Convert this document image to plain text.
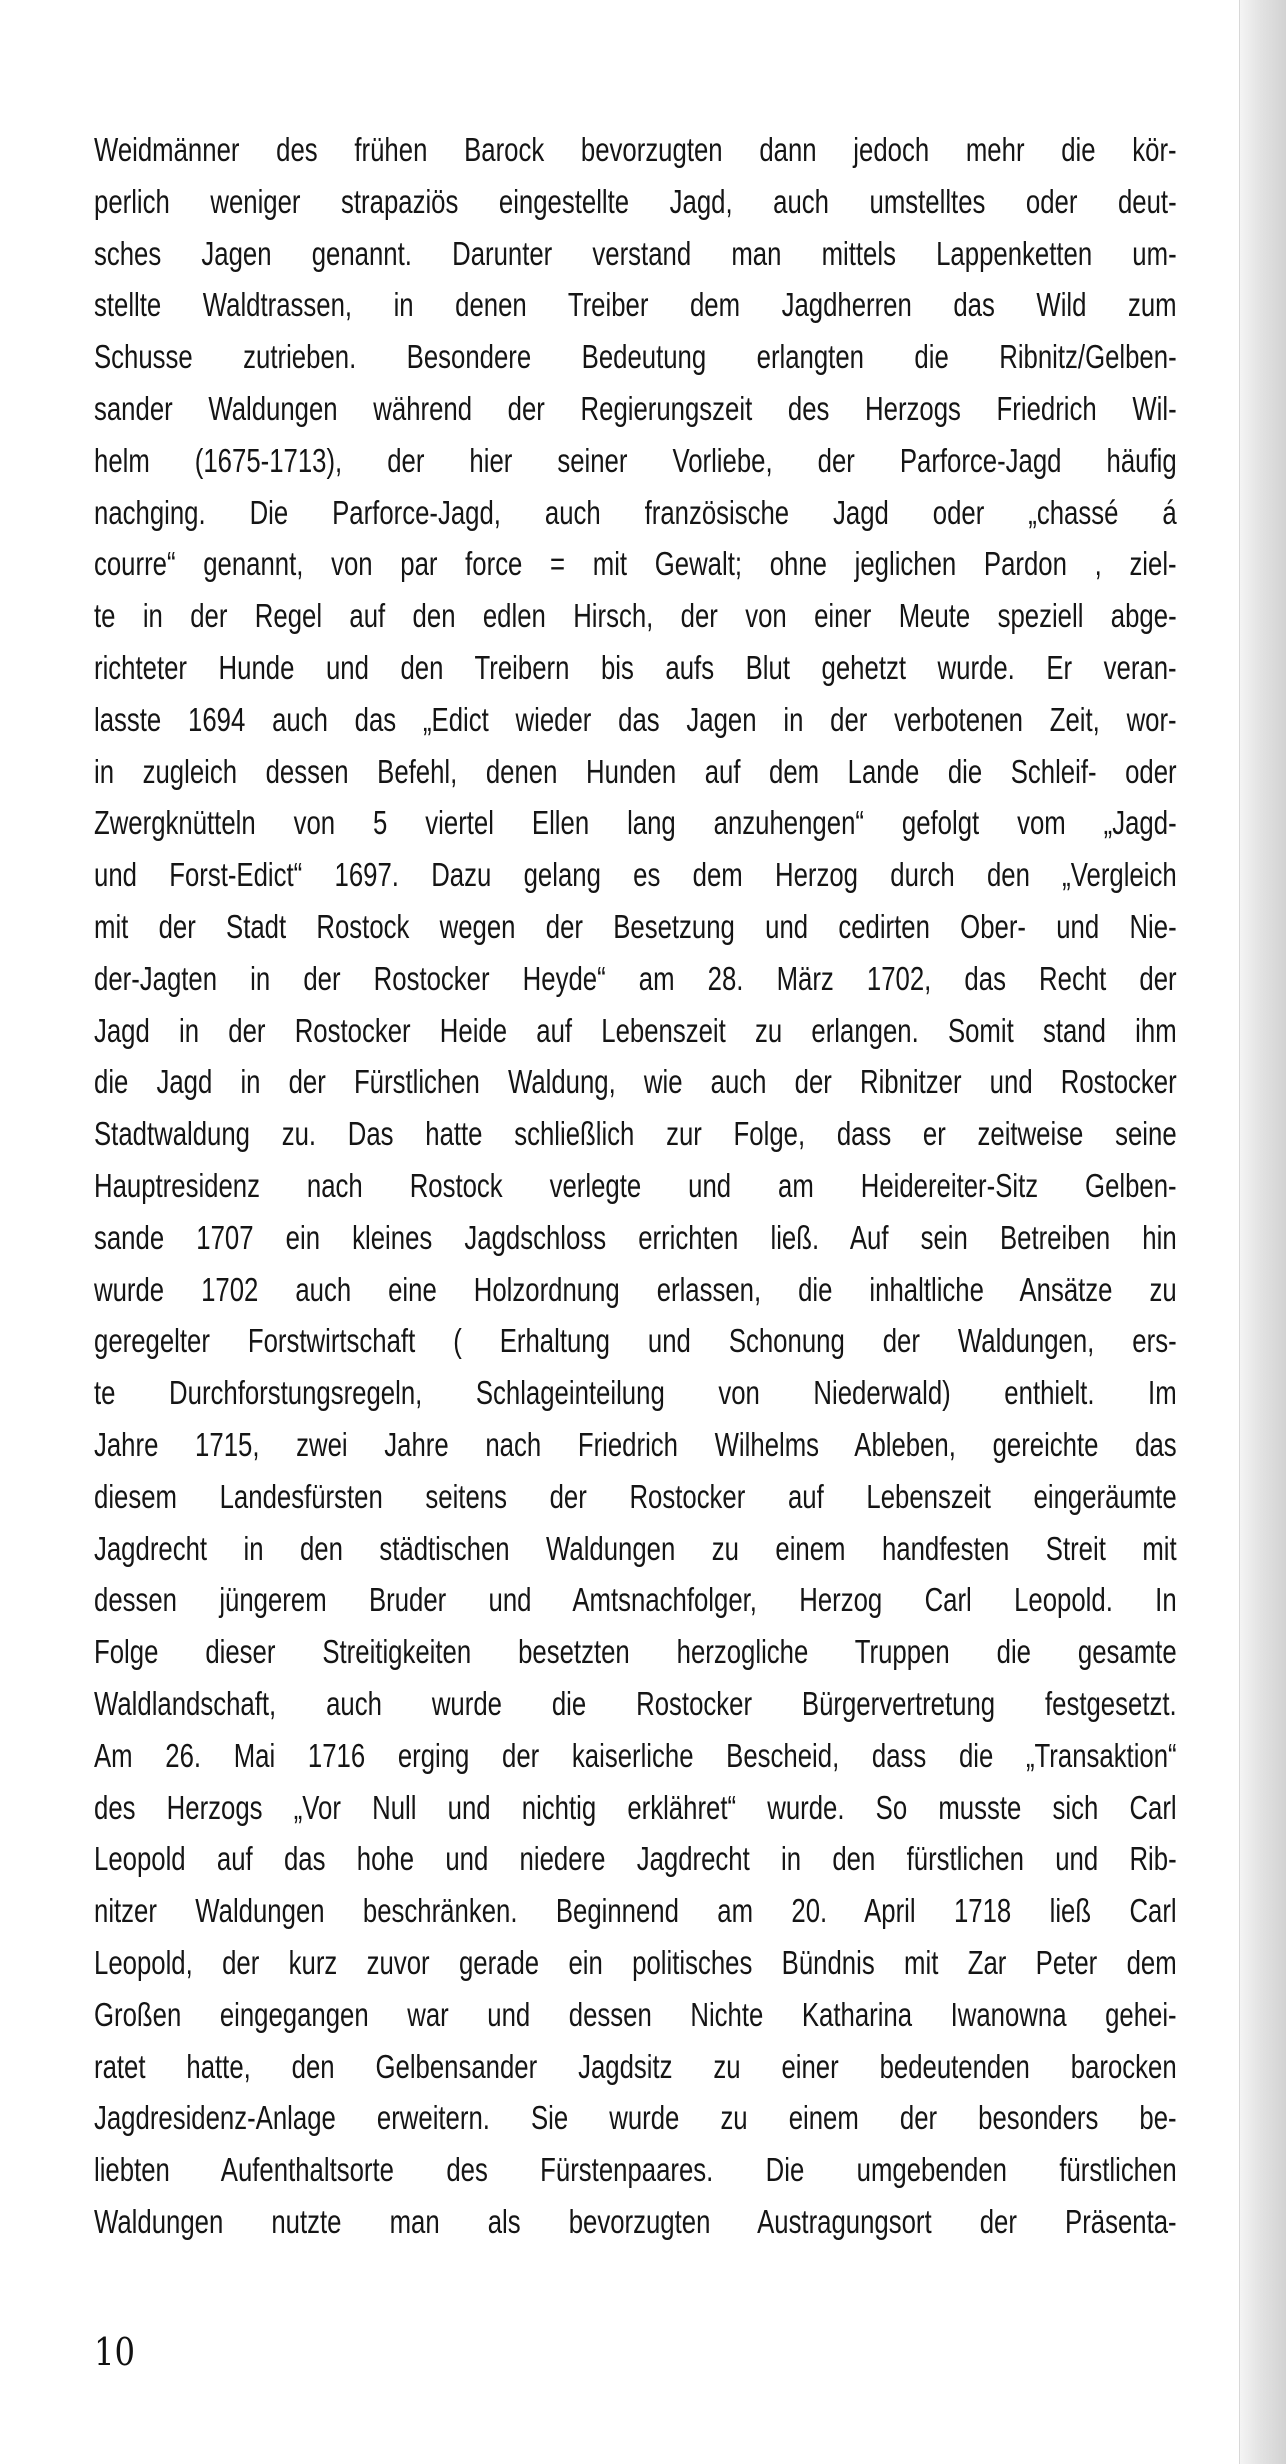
Weidmänner des frühen Barock bevorzugten dann jedoch mehr die kör-
perlich weniger strapaziös eingestellte Jagd, auch umstelltes oder deut-
sches Jagen genannt. Darunter verstand man mittels Lappenketten um-
stellte Waldtrassen, in denen Treiber dem Jagdherren das Wild zum
Schusse zutrieben. Besondere Bedeutung erlangten die Ribnitz/Gelben-
sander Waldungen während der Regierungszeit des Herzogs Friedrich Wil-
helm (1675-1713), der hier seiner Vorliebe, der Parforce-Jagd häufig
nachging. Die Parforce-Jagd, auch französische Jagd oder „chassé á
courre“ genannt, von par force = mit Gewalt; ohne jeglichen Pardon , ziel-
te in der Regel auf den edlen Hirsch, der von einer Meute speziell abge-
richteter Hunde und den Treibern bis aufs Blut gehetzt wurde. Er veran-
lasste 1694 auch das „Edict wieder das Jagen in der verbotenen Zeit, wor-
in zugleich dessen Befehl, denen Hunden auf dem Lande die Schleif- oder
Zwergknütteln von 5 viertel Ellen lang anzuhengen“ gefolgt vom „Jagd-
und Forst-Edict“ 1697. Dazu gelang es dem Herzog durch den „Vergleich
mit der Stadt Rostock wegen der Besetzung und cedirten Ober- und Nie-
der-Jagten in der Rostocker Heyde“ am 28. März 1702, das Recht der
Jagd in der Rostocker Heide auf Lebenszeit zu erlangen. Somit stand ihm
die Jagd in der Fürstlichen Waldung, wie auch der Ribnitzer und Rostocker
Stadtwaldung zu. Das hatte schließlich zur Folge, dass er zeitweise seine
Hauptresidenz nach Rostock verlegte und am Heidereiter-Sitz Gelben-
sande 1707 ein kleines Jagdschloss errichten ließ. Auf sein Betreiben hin
wurde 1702 auch eine Holzordnung erlassen, die inhaltliche Ansätze zu
geregelter Forstwirtschaft ( Erhaltung und Schonung der Waldungen, ers-
te Durchforstungsregeln, Schlageinteilung von Niederwald) enthielt. Im
Jahre 1715, zwei Jahre nach Friedrich Wilhelms Ableben, gereichte das
diesem Landesfürsten seitens der Rostocker auf Lebenszeit eingeräumte
Jagdrecht in den städtischen Waldungen zu einem handfesten Streit mit
dessen jüngerem Bruder und Amtsnachfolger, Herzog Carl Leopold. In
Folge dieser Streitigkeiten besetzten herzogliche Truppen die gesamte
Waldlandschaft, auch wurde die Rostocker Bürgervertretung festgesetzt.
Am 26. Mai 1716 erging der kaiserliche Bescheid, dass die „Transaktion“
des Herzogs „Vor Null und nichtig erklähret“ wurde. So musste sich Carl
Leopold auf das hohe und niedere Jagdrecht in den fürstlichen und Rib-
nitzer Waldungen beschränken. Beginnend am 20. April 1718 ließ Carl
Leopold, der kurz zuvor gerade ein politisches Bündnis mit Zar Peter dem
Großen eingegangen war und dessen Nichte Katharina Iwanowna gehei-
ratet hatte, den Gelbensander Jagdsitz zu einer bedeutenden barocken
Jagdresidenz-Anlage erweitern. Sie wurde zu einem der besonders be-
liebten Aufenthaltsorte des Fürstenpaares. Die umgebenden fürstlichen
Waldungen nutzte man als bevorzugten Austragungsort der Präsenta-
10
